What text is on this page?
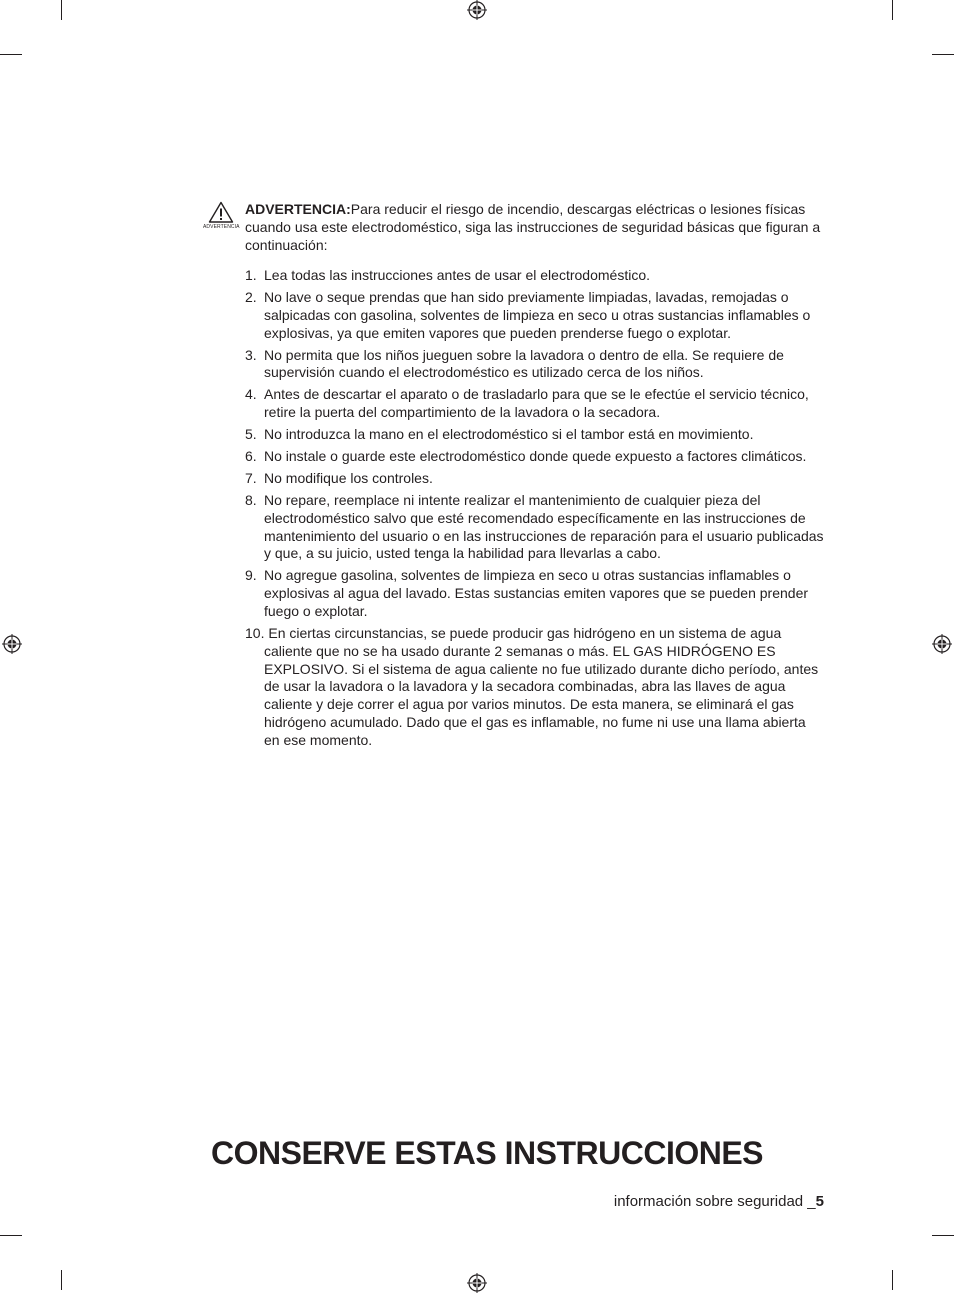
ADVERTENCIA
ADVERTENCIA:Para reducir el riesgo de incendio, descargas eléctricas o lesiones físicas cuando usa este electrodoméstico, siga las instrucciones de seguridad básicas que figuran a continuación:
1. Lea todas las instrucciones antes de usar el electrodoméstico.
2. No lave o seque prendas que han sido previamente limpiadas, lavadas, remojadas o salpicadas con gasolina, solventes de limpieza en seco u otras sustancias inflamables o explosivas, ya que emiten vapores que pueden prenderse fuego o explotar.
3. No permita que los niños jueguen sobre la lavadora o dentro de ella. Se requiere de supervisión cuando el electrodoméstico es utilizado cerca de los niños.
4. Antes de descartar el aparato o de trasladarlo para que se le efectúe el servicio técnico, retire la puerta del compartimiento de la lavadora o la secadora.
5. No introduzca la mano en el electrodoméstico si el tambor está en movimiento.
6. No instale o guarde este electrodoméstico donde quede expuesto a factores climáticos.
7. No modifique los controles.
8. No repare, reemplace ni intente realizar el mantenimiento de cualquier pieza del electrodoméstico salvo que esté recomendado específicamente en las instrucciones de mantenimiento del usuario o en las instrucciones de reparación para el usuario publicadas y que, a su juicio, usted tenga la habilidad para llevarlas a cabo.
9. No agregue gasolina, solventes de limpieza en seco u otras sustancias inflamables o explosivas al agua del lavado. Estas sustancias emiten vapores que se pueden prender fuego o explotar.
10. En ciertas circunstancias, se puede producir gas hidrógeno en un sistema de agua caliente que no se ha usado durante 2 semanas o más. EL GAS HIDRÓGENO ES EXPLOSIVO. Si el sistema de agua caliente no fue utilizado durante dicho período, antes de usar la lavadora o la lavadora y la secadora combinadas, abra las llaves de agua caliente y deje correr el agua por varios minutos. De esta manera, se eliminará el gas hidrógeno acumulado. Dado que el gas es inflamable, no fume ni use una llama abierta en ese momento.
CONSERVE ESTAS INSTRUCCIONES
información sobre seguridad _5
